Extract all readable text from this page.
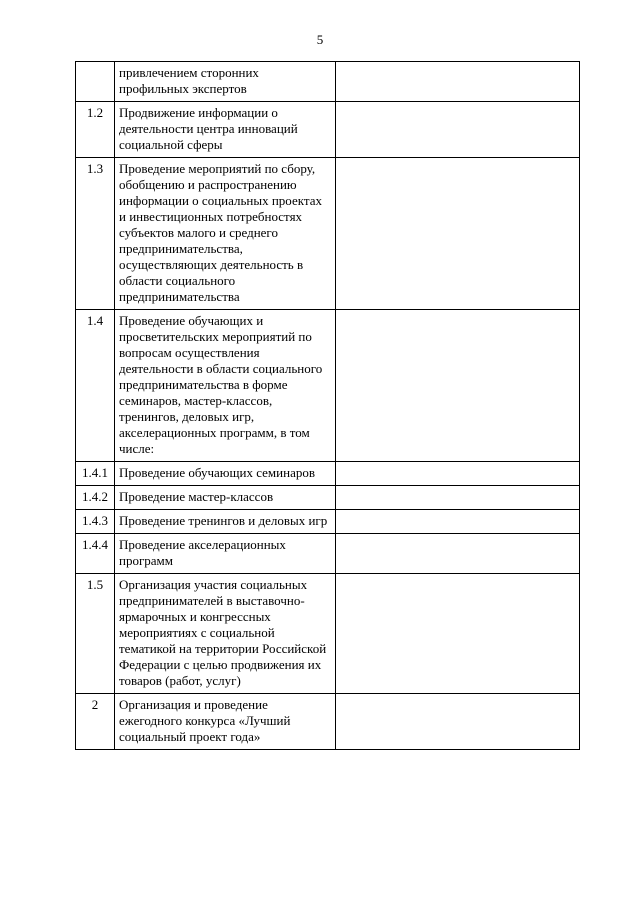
5
	привлечением сторонних профильных экспертов	
1.2	Продвижение информации о деятельности центра инноваций социальной сферы	
1.3	Проведение мероприятий по сбору, обобщению и распространению информации о социальных проектах и инвестиционных потребностях субъектов малого и среднего предпринимательства, осуществляющих деятельность в области социального предпринимательства	
1.4	Проведение обучающих и просветительских мероприятий по вопросам осуществления деятельности в области социального предпринимательства в форме семинаров, мастер-классов, тренингов, деловых игр, акселерационных программ, в том числе:	
1.4.1	Проведение обучающих семинаров	
1.4.2	Проведение мастер-классов	
1.4.3	Проведение тренингов и деловых игр	
1.4.4	Проведение акселерационных программ	
1.5	Организация участия социальных предпринимателей в выставочно-ярмарочных и конгрессных мероприятиях с социальной тематикой на территории Российской Федерации с целью продвижения их товаров (работ, услуг)	
2	Организация и проведение ежегодного конкурса «Лучший социальный проект года»	
